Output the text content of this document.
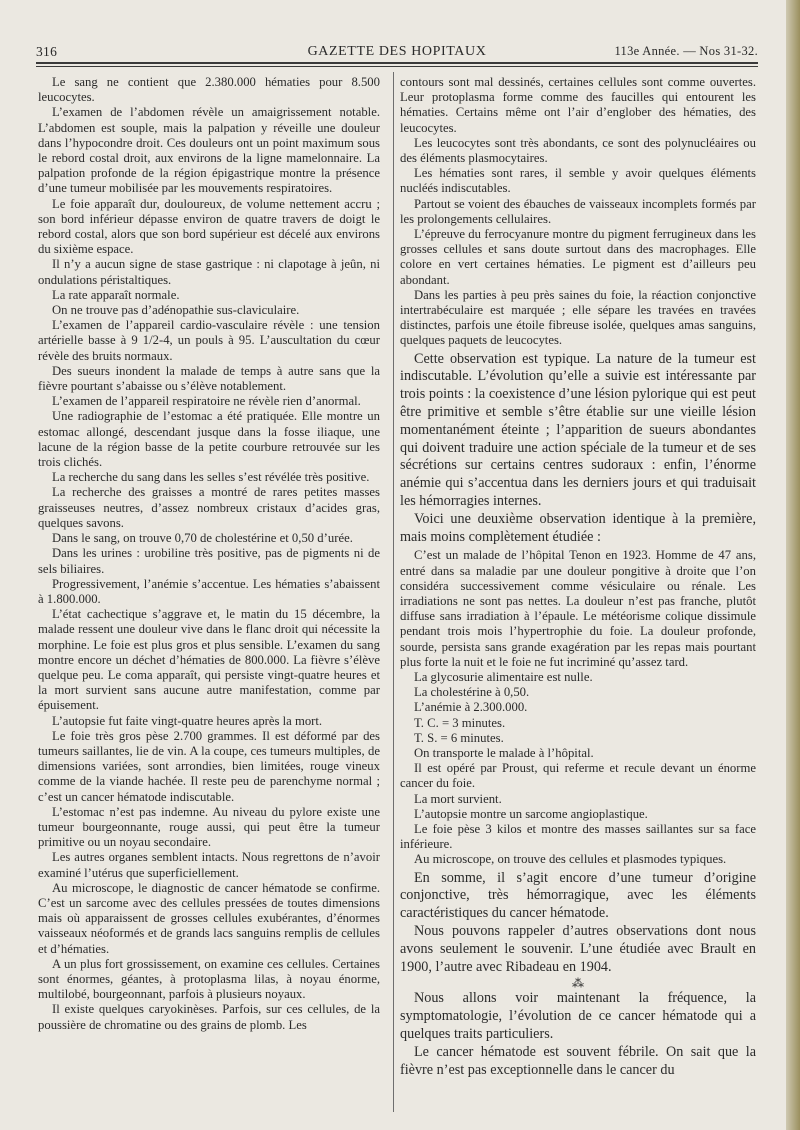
316	GAZETTE DES HOPITAUX	113e Année. — Nos 31-32.

Le sang ne contient que 2.380.000 hématies pour 8.500 leucocytes.

L’examen de l’abdomen révèle un amaigrissement notable. L’abdomen est souple, mais la palpation y réveille une douleur dans l’hypocondre droit. Ces douleurs ont un point maximum sous le rebord costal droit, aux environs de la ligne mamelonnaire. La palpation profonde de la région épigastrique montre la présence d’une tumeur mobilisée par les mouvements respiratoires.

Le foie apparaît dur, douloureux, de volume nettement accru ; son bord inférieur dépasse environ de quatre travers de doigt le rebord costal, alors que son bord supérieur est décelé aux environs du sixième espace.

Il n’y a aucun signe de stase gastrique : ni clapotage à jeûn, ni ondulations péristaltiques.

La rate apparaît normale.

On ne trouve pas d’adénopathie sus-claviculaire.

L’examen de l’appareil cardio-vasculaire révèle : une tension artérielle basse à 9 1/2-4, un pouls à 95. L’auscultation du cœur révèle des bruits normaux.

Des sueurs inondent la malade de temps à autre sans que la fièvre pourtant s’abaisse ou s’élève notablement.

L’examen de l’appareil respiratoire ne révèle rien d’anormal.

Une radiographie de l’estomac a été pratiquée. Elle montre un estomac allongé, descendant jusque dans la fosse iliaque, une lacune de la région basse de la petite courbure retrouvée sur les trois clichés.

La recherche du sang dans les selles s’est révélée très positive.

La recherche des graisses a montré de rares petites masses graisseuses neutres, d’assez nombreux cristaux d’acides gras, quelques savons.

Dans le sang, on trouve 0,70 de cholestérine et 0,50 d’urée.

Dans les urines : urobiline très positive, pas de pigments ni de sels biliaires.

Progressivement, l’anémie s’accentue. Les hématies s’abaissent à 1.800.000.

L’état cachectique s’aggrave et, le matin du 15 décembre, la malade ressent une douleur vive dans le flanc droit qui nécessite la morphine. Le foie est plus gros et plus sensible. L’examen du sang montre encore un déchet d’hématies de 800.000. La fièvre s’élève quelque peu. Le coma apparaît, qui persiste vingt-quatre heures et la mort survient sans aucune autre manifestation, comme par épuisement.

L’autopsie fut faite vingt-quatre heures après la mort.

Le foie très gros pèse 2.700 grammes. Il est déformé par des tumeurs saillantes, lie de vin. A la coupe, ces tumeurs multiples, de dimensions variées, sont arrondies, bien limitées, rouge vineux comme de la viande hachée. Il reste peu de parenchyme normal ; c’est un cancer hématode indiscutable.

L’estomac n’est pas indemne. Au niveau du pylore existe une tumeur bourgeonnante, rouge aussi, qui peut être la tumeur primitive ou un noyau secondaire.

Les autres organes semblent intacts. Nous regrettons de n’avoir examiné l’utérus que superficiellement.

Au microscope, le diagnostic de cancer hématode se confirme. C’est un sarcome avec des cellules pressées de toutes dimensions mais où apparaissent de grosses cellules exubérantes, d’énormes vaisseaux néoformés et de grands lacs sanguins remplis de cellules et d’hématies.

A un plus fort grossissement, on examine ces cellules. Certaines sont énormes, géantes, à protoplasma lilas, à noyau énorme, multilobé, bourgeonnant, parfois à plusieurs noyaux.

Il existe quelques caryokinèses. Parfois, sur ces cellules, de la poussière de chromatine ou des grains de plomb. Les

contours sont mal dessinés, certaines cellules sont comme ouvertes. Leur protoplasma forme comme des faucilles qui entourent les hématies. Certains même ont l’air d’englober des hématies, des leucocytes.

Les leucocytes sont très abondants, ce sont des polynucléaires ou des éléments plasmocytaires.

Les hématies sont rares, il semble y avoir quelques éléments nucléés indiscutables.

Partout se voient des ébauches de vaisseaux incomplets formés par les prolongements cellulaires.

L’épreuve du ferrocyanure montre du pigment ferrugineux dans les grosses cellules et sans doute surtout dans des macrophages. Elle colore en vert certaines hématies. Le pigment est d’ailleurs peu abondant.

Dans les parties à peu près saines du foie, la réaction conjonctive intertrabéculaire est marquée ; elle sépare les travées en travées distinctes, parfois une étoile fibreuse isolée, quelques amas sanguins, quelques paquets de leucocytes.

Cette observation est typique. La nature de la tumeur est indiscutable. L’évolution qu’elle a suivie est intéressante par trois points : la coexistence d’une lésion pylorique qui est peut être primitive et semble s’être établie sur une vieille lésion momentanément éteinte ; l’apparition de sueurs abondantes qui doivent traduire une action spéciale de la tumeur et de ses sécrétions sur certains centres sudoraux : enfin, l’énorme anémie qui s’accentua dans les derniers jours et qui traduisait les hémorragies internes.

Voici une deuxième observation identique à la première, mais moins complètement étudiée :

C’est un malade de l’hôpital Tenon en 1923. Homme de 47 ans, entré dans sa maladie par une douleur pongitive à droite que l’on considéra successivement comme vésiculaire ou rénale. Les irradiations ne sont pas nettes. La douleur n’est pas franche, plutôt diffuse sans irradiation à l’épaule. Le météorisme colique dissimule pendant trois mois l’hypertrophie du foie. La douleur profonde, sourde, persista sans grande exagération par les repas mais pourtant plus forte la nuit et le foie ne fut incriminé qu’assez tard.

La glycosurie alimentaire est nulle.

La cholestérine à 0,50.

L’anémie à 2.300.000.

T. C. = 3 minutes.

T. S. = 6 minutes.

On transporte le malade à l’hôpital.

Il est opéré par Proust, qui referme et recule devant un énorme cancer du foie.

La mort survient.

L’autopsie montre un sarcome angioplastique.

Le foie pèse 3 kilos et montre des masses saillantes sur sa face inférieure.

Au microscope, on trouve des cellules et plasmodes typiques.

En somme, il s’agit encore d’une tumeur d’origine conjonctive, très hémorragique, avec les éléments caractéristiques du cancer hématode.

Nous pouvons rappeler d’autres observations dont nous avons seulement le souvenir. L’une étudiée avec Brault en 1900, l’autre avec Ribadeau en 1904.

⁂

Nous allons voir maintenant la fréquence, la symptomatologie, l’évolution de ce cancer hématode qui a quelques traits particuliers.

Le cancer hématode est souvent fébrile. On sait que la fièvre n’est pas exceptionnelle dans le cancer du
